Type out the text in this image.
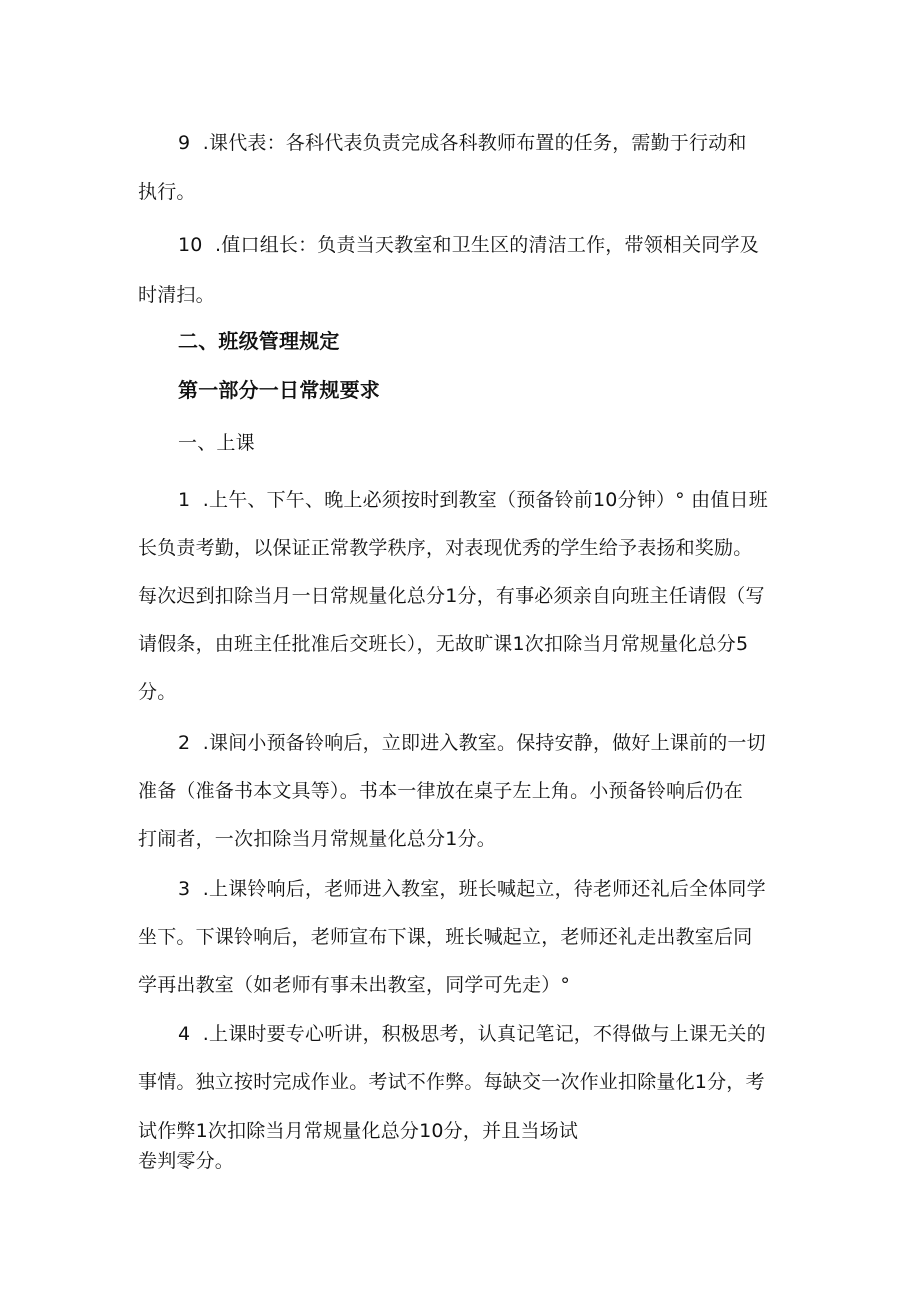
9  .课代表：各科代表负责完成各科教师布置的任务，需勤于行动和

执行。

10  .值口组长：负责当天教室和卫生区的清洁工作，带领相关同学及

时清扫。

二、班级管理规定

第一部分一日常规要求

一、上课

1  .上午、下午、晚上必须按时到教室（预备铃前10分钟）° 由值日班

长负责考勤，以保证正常教学秩序，对表现优秀的学生给予表扬和奖励。

每次迟到扣除当月一日常规量化总分1分，有事必须亲自向班主任请假（写

请假条，由班主任批准后交班长），无故旷课1次扣除当月常规量化总分5

分。

2  .课间小预备铃响后，立即进入教室。保持安静，做好上课前的一切

准备（准备书本文具等）。书本一律放在桌子左上角。小预备铃响后仍在

打闹者，一次扣除当月常规量化总分1分。

3  .上课铃响后，老师进入教室，班长喊起立，待老师还礼后全体同学

坐下。下课铃响后，老师宣布下课，班长喊起立，老师还礼走出教室后同

学再出教室（如老师有事未出教室，同学可先走）°

4  .上课时要专心听讲，积极思考，认真记笔记，不得做与上课无关的

事情。独立按时完成作业。考试不作弊。每缺交一次作业扣除量化1分，考

试作弊1次扣除当月常规量化总分10分，并且当场试

卷判零分。
